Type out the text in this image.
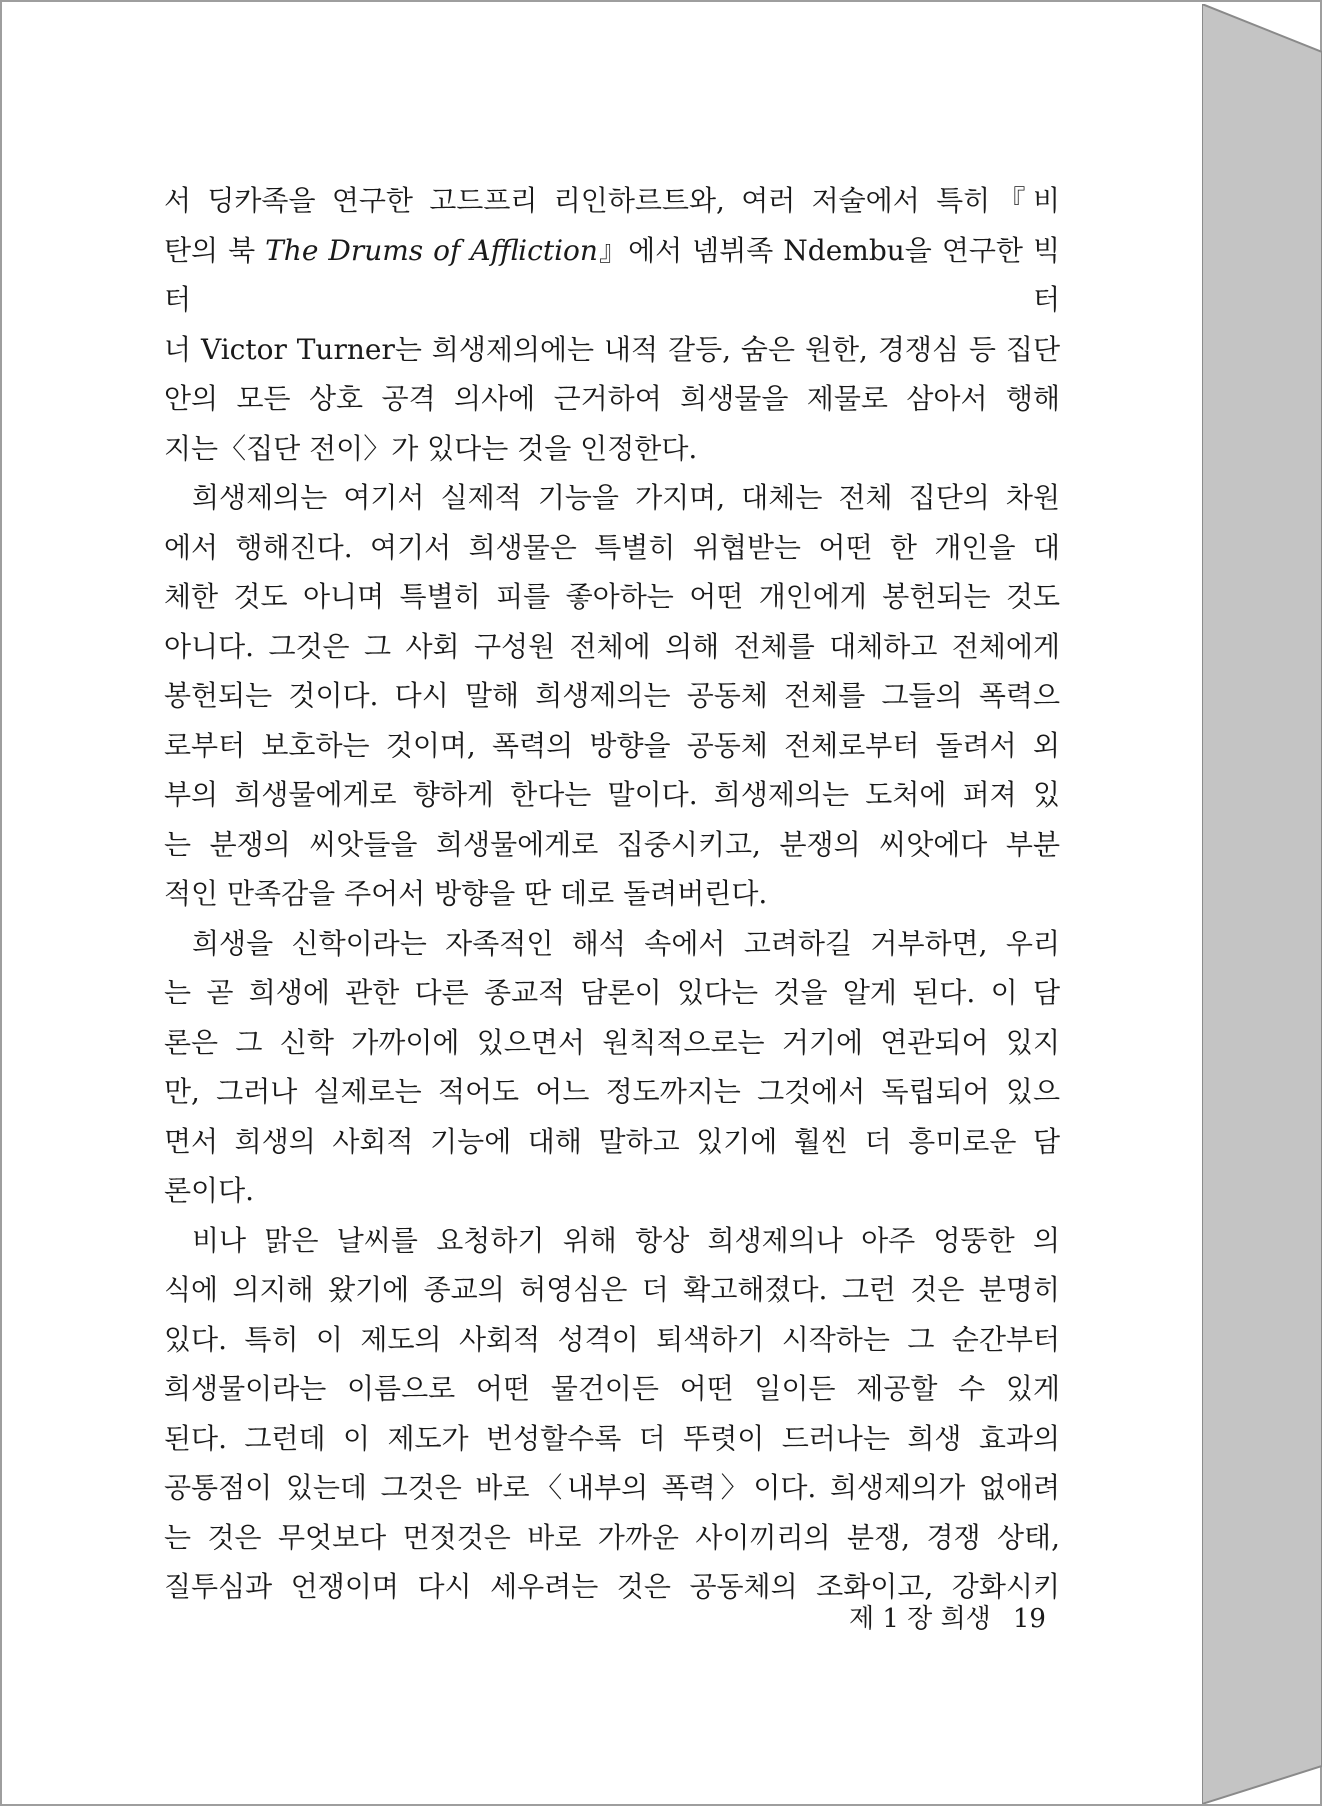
서 딩카족을 연구한 고드프리 리인하르트와, 여러 저술에서 특히『비
탄의 북 The Drums of Affliction』에서 넴뷔족 Ndembu을 연구한 빅터 터
너 Victor Turner는 희생제의에는 내적 갈등, 숨은 원한, 경쟁심 등 집단
안의 모든 상호 공격 의사에 근거하여 희생물을 제물로 삼아서 행해
지는〈집단 전이〉가 있다는 것을 인정한다.
희생제의는 여기서 실제적 기능을 가지며, 대체는 전체 집단의 차원
에서 행해진다. 여기서 희생물은 특별히 위협받는 어떤 한 개인을 대
체한 것도 아니며 특별히 피를 좋아하는 어떤 개인에게 봉헌되는 것도
아니다. 그것은 그 사회 구성원 전체에 의해 전체를 대체하고 전체에게
봉헌되는 것이다. 다시 말해 희생제의는 공동체 전체를 그들의 폭력으
로부터 보호하는 것이며, 폭력의 방향을 공동체 전체로부터 돌려서 외
부의 희생물에게로 향하게 한다는 말이다. 희생제의는 도처에 퍼져 있
는 분쟁의 씨앗들을 희생물에게로 집중시키고, 분쟁의 씨앗에다 부분
적인 만족감을 주어서 방향을 딴 데로 돌려버린다.
희생을 신학이라는 자족적인 해석 속에서 고려하길 거부하면, 우리
는 곧 희생에 관한 다른 종교적 담론이 있다는 것을 알게 된다. 이 담
론은 그 신학 가까이에 있으면서 원칙적으로는 거기에 연관되어 있지
만, 그러나 실제로는 적어도 어느 정도까지는 그것에서 독립되어 있으
면서 희생의 사회적 기능에 대해 말하고 있기에 훨씬 더 흥미로운 담
론이다.
비나 맑은 날씨를 요청하기 위해 항상 희생제의나 아주 엉뚱한 의
식에 의지해 왔기에 종교의 허영심은 더 확고해졌다. 그런 것은 분명히
있다. 특히 이 제도의 사회적 성격이 퇴색하기 시작하는 그 순간부터
희생물이라는 이름으로 어떤 물건이든 어떤 일이든 제공할 수 있게
된다. 그런데 이 제도가 번성할수록 더 뚜렷이 드러나는 희생 효과의
공통점이 있는데 그것은 바로〈내부의 폭력〉이다. 희생제의가 없애려
는 것은 무엇보다 먼젓것은 바로 가까운 사이끼리의 분쟁, 경쟁 상태,
질투심과 언쟁이며 다시 세우려는 것은 공동체의 조화이고, 강화시키
제 1 장 희생 19
